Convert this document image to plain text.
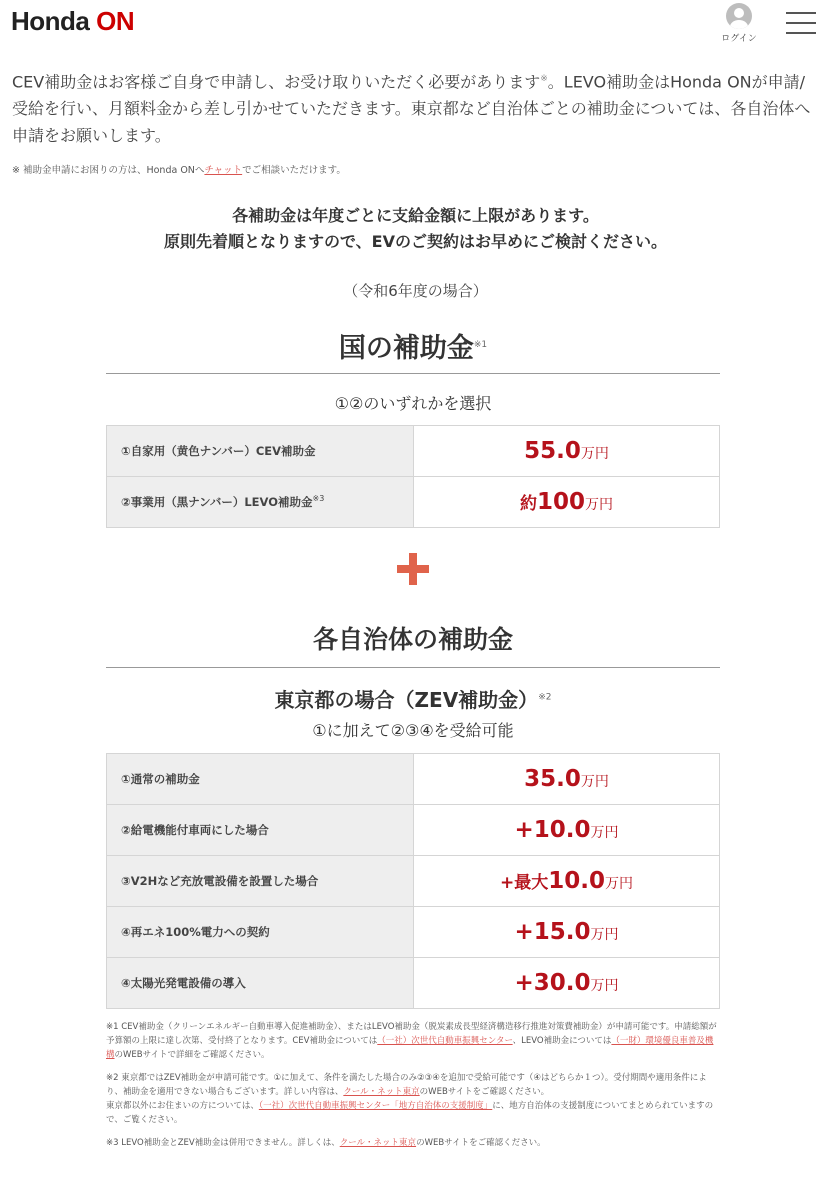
Honda ON
ログイン
CEV補助金はお客様ご自身で申請し、お受け取りいただく必要があります※。LEVO補助金はHonda ONが申請/受給を行い、月額料金から差し引かせていただきます。東京都など自治体ごとの補助金については、各自治体へ申請をお願いします。
※ 補助金申請にお困りの方は、Honda ONへチャットでご相談いただけます。
各補助金は年度ごとに支給金額に上限があります。
原則先着順となりますので、EVのご契約はお早めにご検討ください。
（令和6年度の場合）
国の補助金$^{※1}$
①②のいずれかを選択
①自家用（黄色ナンバー）CEV補助金	55.0万円
②事業用（黒ナンバー）LEVO補助金$^{※3}$	約100万円
各自治体の補助金
東京都の場合（ZEV補助金）$^{※2}$
①に加えて②③④を受給可能
①通常の補助金	35.0万円
②給電機能付車両にした場合	+10.0万円
③V2Hなど充放電設備を設置した場合	+最大10.0万円
④再エネ100%電力への契約	+15.0万円
④太陽光発電設備の導入	+30.0万円

※1 CEV補助金（クリーンエネルギー自動車導入促進補助金）、またはLEVO補助金（脱炭素成長型経済構造移行推進対策費補助金）が申請可能です。申請総額が予算額の上限に達し次第、受付終了となります。CEV補助金については（一社）次世代自動車振興センター、LEVO補助金については（一財）環境優良車普及機構のWEBサイトで詳細をご確認ください。

※2 東京都ではZEV補助金が申請可能です。①に加えて、条件を満たした場合のみ②③④を追加で受給可能です（④はどちらか１つ）。受付期間や適用条件により、補助金を適用できない場合もございます。詳しい内容は、クール・ネット東京のWEBサイトをご確認ください。
東京都以外にお住まいの方については、（一社）次世代自動車振興センター「地方自治体の支援制度」に、地方自治体の支援制度についてまとめられていますので、ご覧ください。

※3 LEVO補助金とZEV補助金は併用できません。詳しくは、クール・ネット東京のWEBサイトをご確認ください。
